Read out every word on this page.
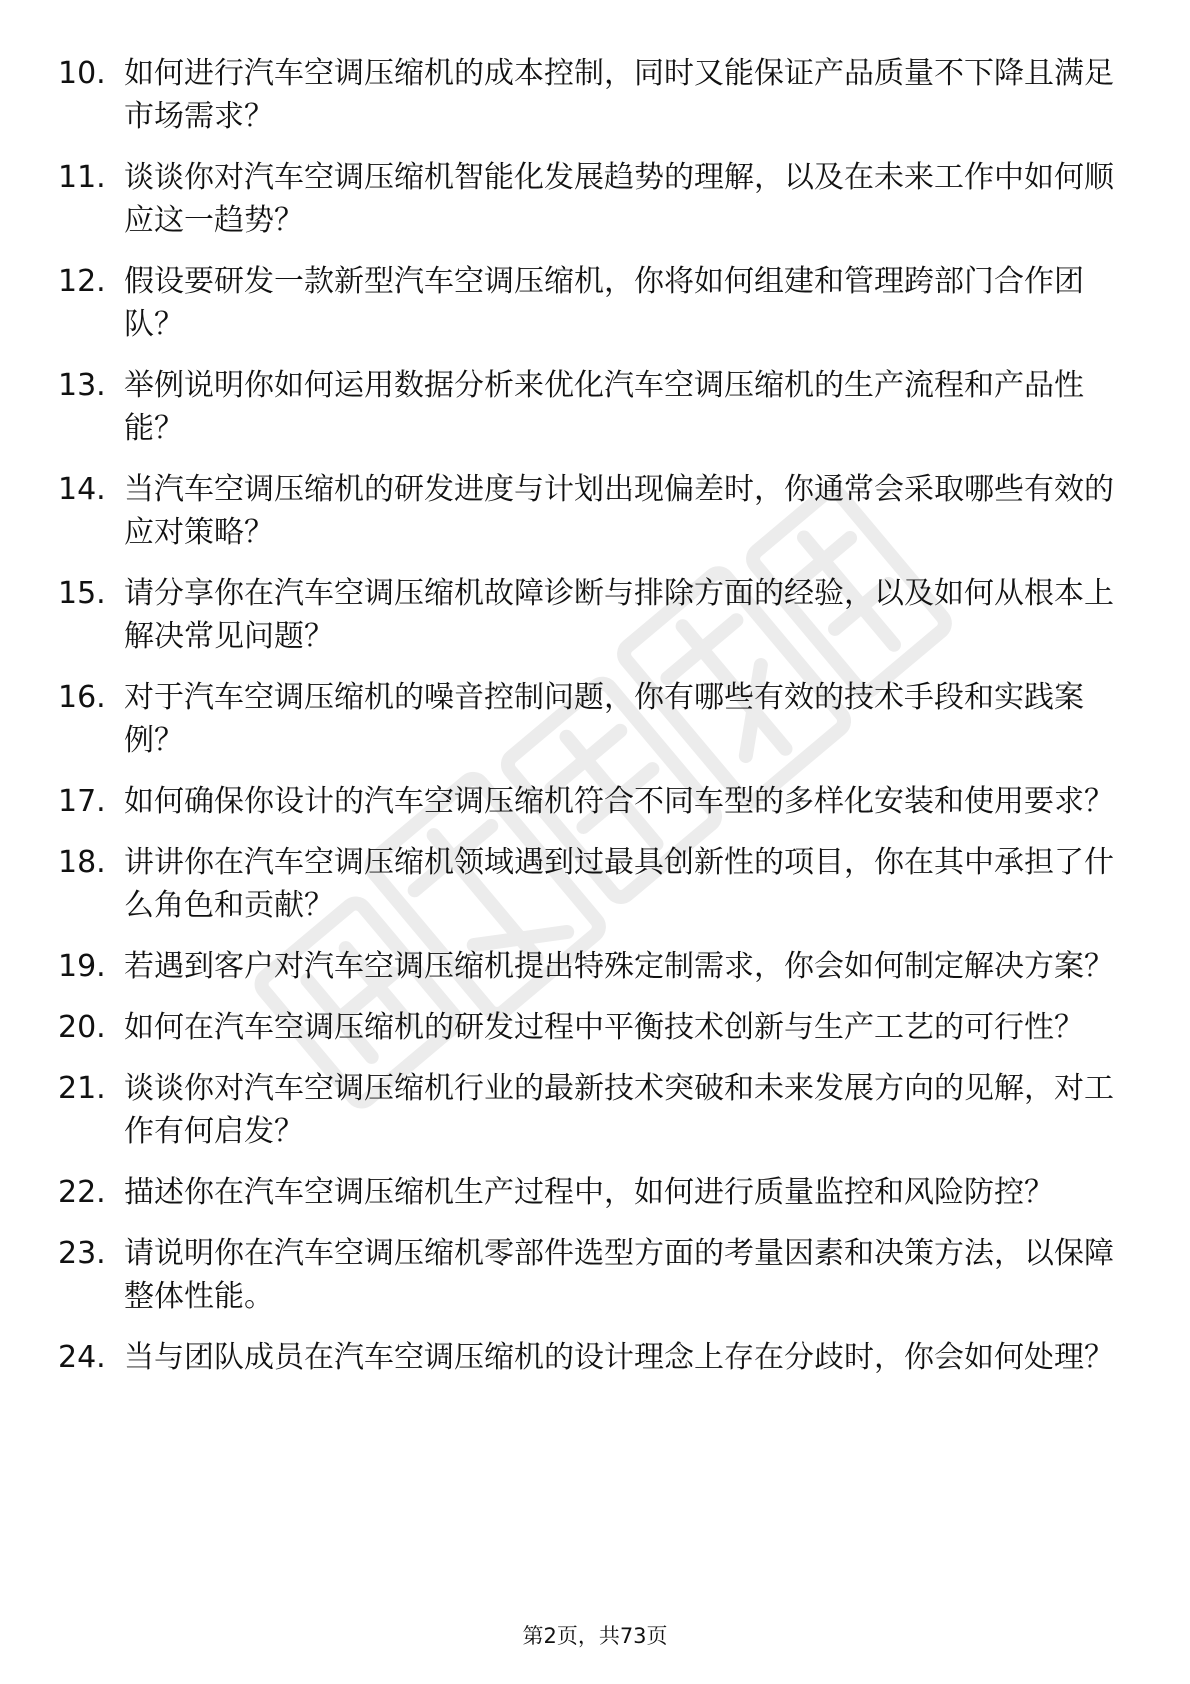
10. 如何进行汽车空调压缩机的成本控制，同时又能保证产品质量不下降且满足市场需求？
11. 谈谈你对汽车空调压缩机智能化发展趋势的理解，以及在未来工作中如何顺应这一趋势？
12. 假设要研发一款新型汽车空调压缩机，你将如何组建和管理跨部门合作团队？
13. 举例说明你如何运用数据分析来优化汽车空调压缩机的生产流程和产品性能？
14. 当汽车空调压缩机的研发进度与计划出现偏差时，你通常会采取哪些有效的应对策略？
15. 请分享你在汽车空调压缩机故障诊断与排除方面的经验，以及如何从根本上解决常见问题？
16. 对于汽车空调压缩机的噪音控制问题，你有哪些有效的技术手段和实践案例？
17. 如何确保你设计的汽车空调压缩机符合不同车型的多样化安装和使用要求？
18. 讲讲你在汽车空调压缩机领域遇到过最具创新性的项目，你在其中承担了什么角色和贡献？
19. 若遇到客户对汽车空调压缩机提出特殊定制需求，你会如何制定解决方案？
20. 如何在汽车空调压缩机的研发过程中平衡技术创新与生产工艺的可行性？
21. 谈谈你对汽车空调压缩机行业的最新技术突破和未来发展方向的见解，对工作有何启发？
22. 描述你在汽车空调压缩机生产过程中，如何进行质量监控和风险防控？
23. 请说明你在汽车空调压缩机零部件选型方面的考量因素和决策方法，以保障整体性能。
24. 当与团队成员在汽车空调压缩机的设计理念上存在分歧时，你会如何处理？
第2页，共73页
